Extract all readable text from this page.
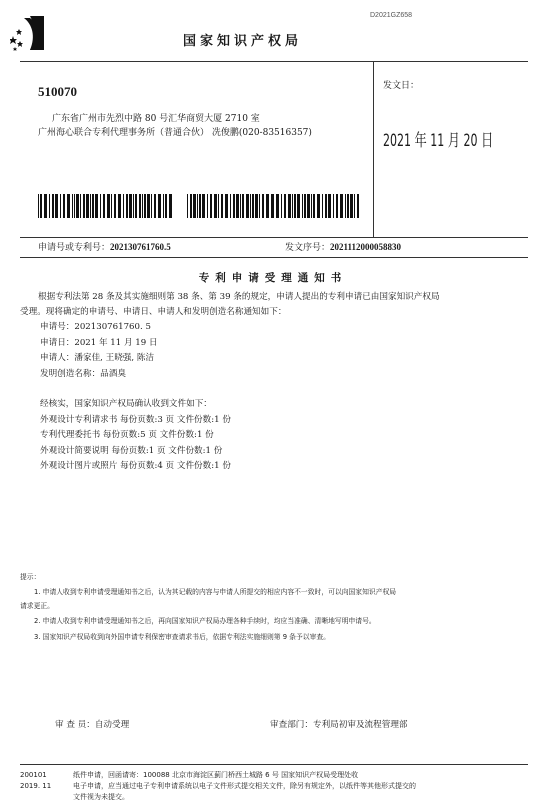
D2021GZ658
国家知识产权局
510070
广东省广州市先烈中路 80 号汇华商贸大厦 2710 室
广州海心联合专利代理事务所（普通合伙） 冼俊鹏(020-83516357)
发文日：
2021 年 11 月 20 日
申请号或专利号：202130761760.5	发文序号：2021112000058830
专利申请受理通知书
根据专利法第 28 条及其实施细则第 38 条、第 39 条的规定，申请人提出的专利申请已由国家知识产权局
受理。现将确定的申请号、申请日、申请人和发明创造名称通知如下：
申请号：202130761760. 5
申请日：2021 年 11 月 19 日
申请人：潘家佳, 王晓强, 陈洁
发明创造名称：品酒臭
经核实，国家知识产权局确认收到文件如下：
外观设计专利请求书 每份页数:3 页 文件份数:1 份
专利代理委托书 每份页数:5 页 文件份数:1 份
外观设计简要说明 每份页数:1 页 文件份数:1 份
外观设计图片或照片 每份页数:4 页 文件份数:1 份
提示：
1. 申请人收到专利申请受理通知书之后，认为其记载的内容与申请人所提交的相应内容不一致时，可以向国家知识产权局
请求更正。
2. 申请人收到专利申请受理通知书之后，再向国家知识产权局办理各种手续时，均应当准确、清晰地写明申请号。
3. 国家知识产权局收到向外国申请专利保密审查请求书后，依据专利法实施细则第 9 条予以审查。
审 查 员：自动受理	审查部门：专利局初审及流程管理部
200101
2019. 11
纸件申请，回函请寄：100088 北京市海淀区蓟门桥西土城路 6 号 国家知识产权局受理处收
电子申请，应当通过电子专利申请系统以电子文件形式提交相关文件，除另有规定外，以纸件等其他形式提交的
文件视为未提交。
